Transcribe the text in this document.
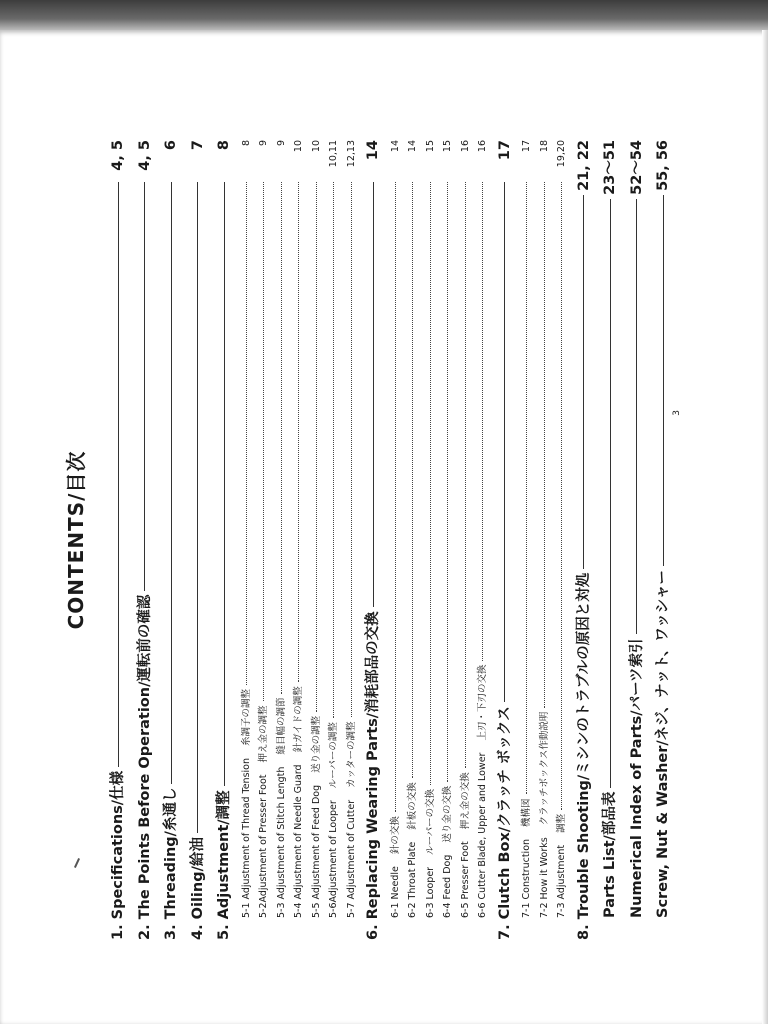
CONTENTS/目次
1. Specifications/仕様
4, 5
2. The Points Before Operation/運転前の確認
4, 5
3. Threading/糸通し
6
4. Oiling/給油
7
5. Adjustment/調整
8
5-1 Adjustment of Thread Tension糸調子の調整
8
5-2Adjustment of Presser Foot押え金の調整
9
5-3 Adjustment of Stitch Length縫目幅の調節
9
5-4 Adjustment of Needle Guard針ガイドの調整
10
5-5 Adjustment of Feed Dog送り金の調整
10
5-6Adjustment of Looperルーパーの調整
10,11
5-7 Adjustment of Cutterカッターの調整
12,13
6. Replacing Wearing Parts/消耗部品の交換
14
6-1 Needle針の交換
14
6-2 Throat Plate針板の交換
14
6-3 Looperルーパーの交換
15
6-4 Feed Dog送り金の交換
15
6-5 Presser Foot押え金の交換
16
6-6 Cutter Blade, Upper and Lower上刃・下刃の交換
16
7. Clutch Box/クラッチ ボックス
17
7-1 Construction機構図
17
7-2 How it Worksクラッチボックス作動説明
18
7-3 Adjustment調整
19,20
8. Trouble Shooting/ミシンのトラブルの原因と対処
21, 22
Parts List/部品表
23～51
Numerical Index of Parts/パーツ索引
52～54
Screw, Nut & Washer/ネジ、ナット、ワッシャー
55, 56
3
